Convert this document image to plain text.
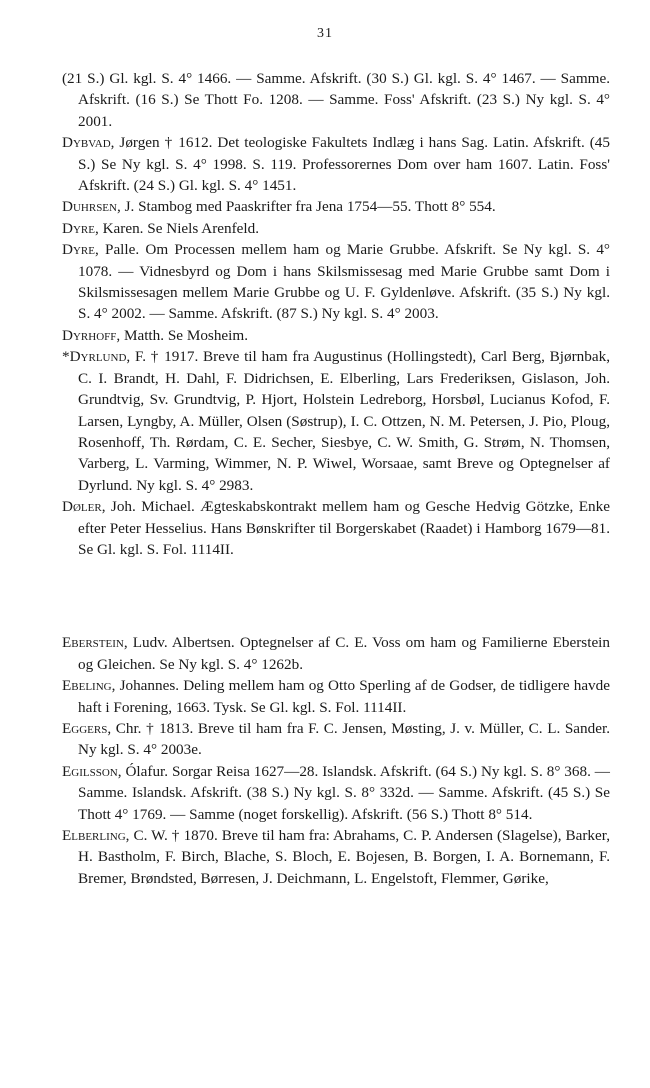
31
(21 S.) Gl. kgl. S. 4° 1466. — Samme. Afskrift. (30 S.) Gl. kgl. S. 4° 1467. — Samme. Afskrift. (16 S.) Se Thott Fo. 1208. — Samme. Foss' Afskrift. (23 S.) Ny kgl. S. 4° 2001.
Dybvad, Jørgen † 1612. Det teologiske Fakultets Indlæg i hans Sag. Latin. Afskrift. (45 S.) Se Ny kgl. S. 4° 1998. S. 119. Professorernes Dom over ham 1607. Latin. Foss' Afskrift. (24 S.) Gl. kgl. S. 4° 1451.
Duhrsen, J. Stambog med Paaskrifter fra Jena 1754—55. Thott 8° 554.
Dyre, Karen. Se Niels Arenfeld.
Dyre, Palle. Om Processen mellem ham og Marie Grubbe. Afskrift. Se Ny kgl. S. 4° 1078. — Vidnesbyrd og Dom i hans Skilsmissesag med Marie Grubbe samt Dom i Skilsmissesagen mellem Marie Grubbe og U. F. Gyldenløve. Afskrift. (35 S.) Ny kgl. S. 4° 2002. — Samme. Afskrift. (87 S.) Ny kgl. S. 4° 2003.
Dyrhoff, Matth. Se Mosheim.
*Dyrlund, F. † 1917. Breve til ham fra Augustinus (Hollingstedt), Carl Berg, Bjørnbak, C. I. Brandt, H. Dahl, F. Didrichsen, E. Elberling, Lars Frederiksen, Gislason, Joh. Grundtvig, Sv. Grundtvig, P. Hjort, Holstein Ledreborg, Horsbøl, Lucianus Kofod, F. Larsen, Lyngby, A. Müller, Olsen (Søstrup), I. C. Ottzen, N. M. Petersen, J. Pio, Ploug, Rosenhoff, Th. Rørdam, C. E. Secher, Siesbye, C. W. Smith, G. Strøm, N. Thomsen, Varberg, L. Varming, Wimmer, N. P. Wiwel, Worsaae, samt Breve og Optegnelser af Dyrlund. Ny kgl. S. 4° 2983.
Døler, Joh. Michael. Ægteskabskontrakt mellem ham og Gesche Hedvig Götzke, Enke efter Peter Hesselius. Hans Bønskrifter til Borgerskabet (Raadet) i Hamborg 1679—81. Se Gl. kgl. S. Fol. 1114II.
Eberstein, Ludv. Albertsen. Optegnelser af C. E. Voss om ham og Familierne Eberstein og Gleichen. Se Ny kgl. S. 4° 1262b.
Ebeling, Johannes. Deling mellem ham og Otto Sperling af de Godser, de tidligere havde haft i Forening, 1663. Tysk. Se Gl. kgl. S. Fol. 1114II.
Eggers, Chr. † 1813. Breve til ham fra F. C. Jensen, Møsting, J. v. Müller, C. L. Sander. Ny kgl. S. 4° 2003e.
Egilsson, Ólafur. Sorgar Reisa 1627—28. Islandsk. Afskrift. (64 S.) Ny kgl. S. 8° 368. — Samme. Islandsk. Afskrift. (38 S.) Ny kgl. S. 8° 332d. — Samme. Afskrift. (45 S.) Se Thott 4° 1769. — Samme (noget forskellig). Afskrift. (56 S.) Thott 8° 514.
Elberling, C. W. † 1870. Breve til ham fra: Abrahams, C. P. Andersen (Slagelse), Barker, H. Bastholm, F. Birch, Blache, S. Bloch, E. Bojesen, B. Borgen, I. A. Bornemann, F. Bremer, Brøndsted, Børresen, J. Deichmann, L. Engelstoft, Flemmer, Gørike,
